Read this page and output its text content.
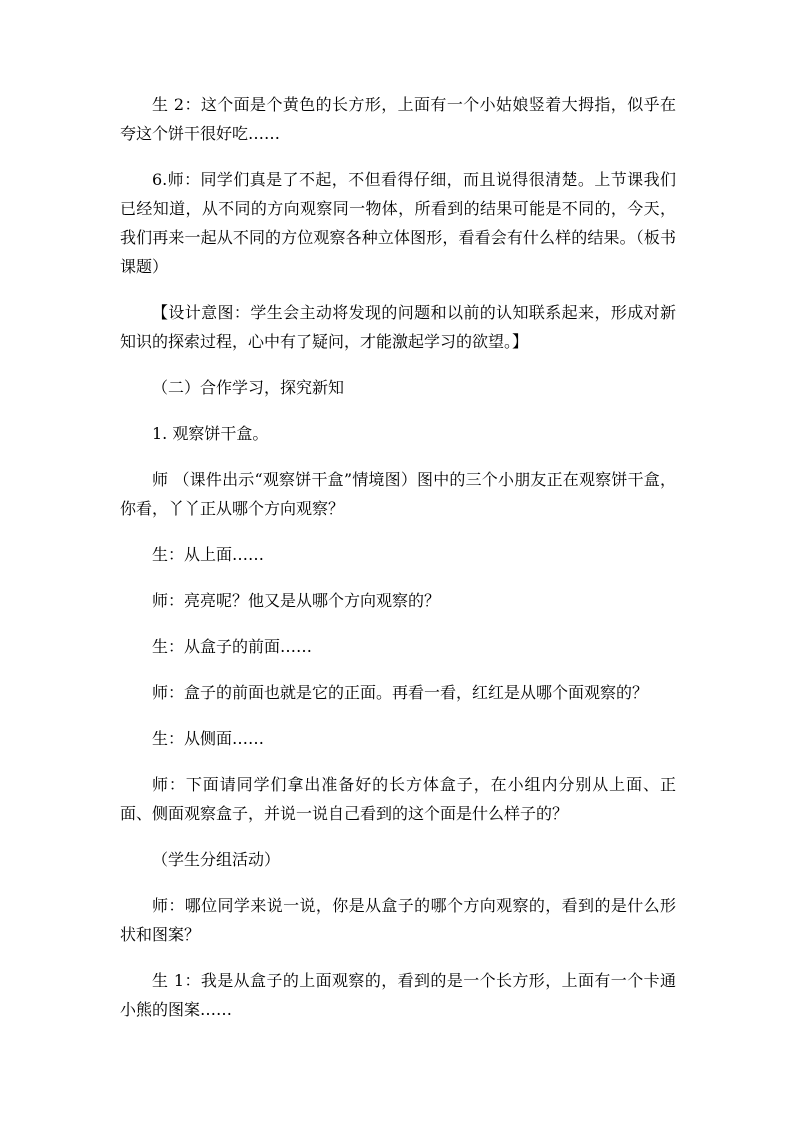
生 2：这个面是个黄色的长方形，上面有一个小姑娘竖着大拇指，似乎在夸这个饼干很好吃……

6.师：同学们真是了不起，不但看得仔细，而且说得很清楚。上节课我们已经知道，从不同的方向观察同一物体，所看到的结果可能是不同的，今天，我们再来一起从不同的方位观察各种立体图形，看看会有什么样的结果。（板书课题）

【设计意图：学生会主动将发现的问题和以前的认知联系起来，形成对新知识的探索过程，心中有了疑问，才能激起学习的欲望。】

（二）合作学习，探究新知

1. 观察饼干盒。

师 （课件出示“观察饼干盒”情境图）图中的三个小朋友正在观察饼干盒，你看，丫丫正从哪个方向观察？

生：从上面……

师：亮亮呢？他又是从哪个方向观察的？

生：从盒子的前面……

师：盒子的前面也就是它的正面。再看一看，红红是从哪个面观察的？

生：从侧面……

师：下面请同学们拿出准备好的长方体盒子，在小组内分别从上面、正面、侧面观察盒子，并说一说自己看到的这个面是什么样子的？

（学生分组活动）

师：哪位同学来说一说，你是从盒子的哪个方向观察的，看到的是什么形状和图案？

生 1：我是从盒子的上面观察的，看到的是一个长方形，上面有一个卡通小熊的图案……
